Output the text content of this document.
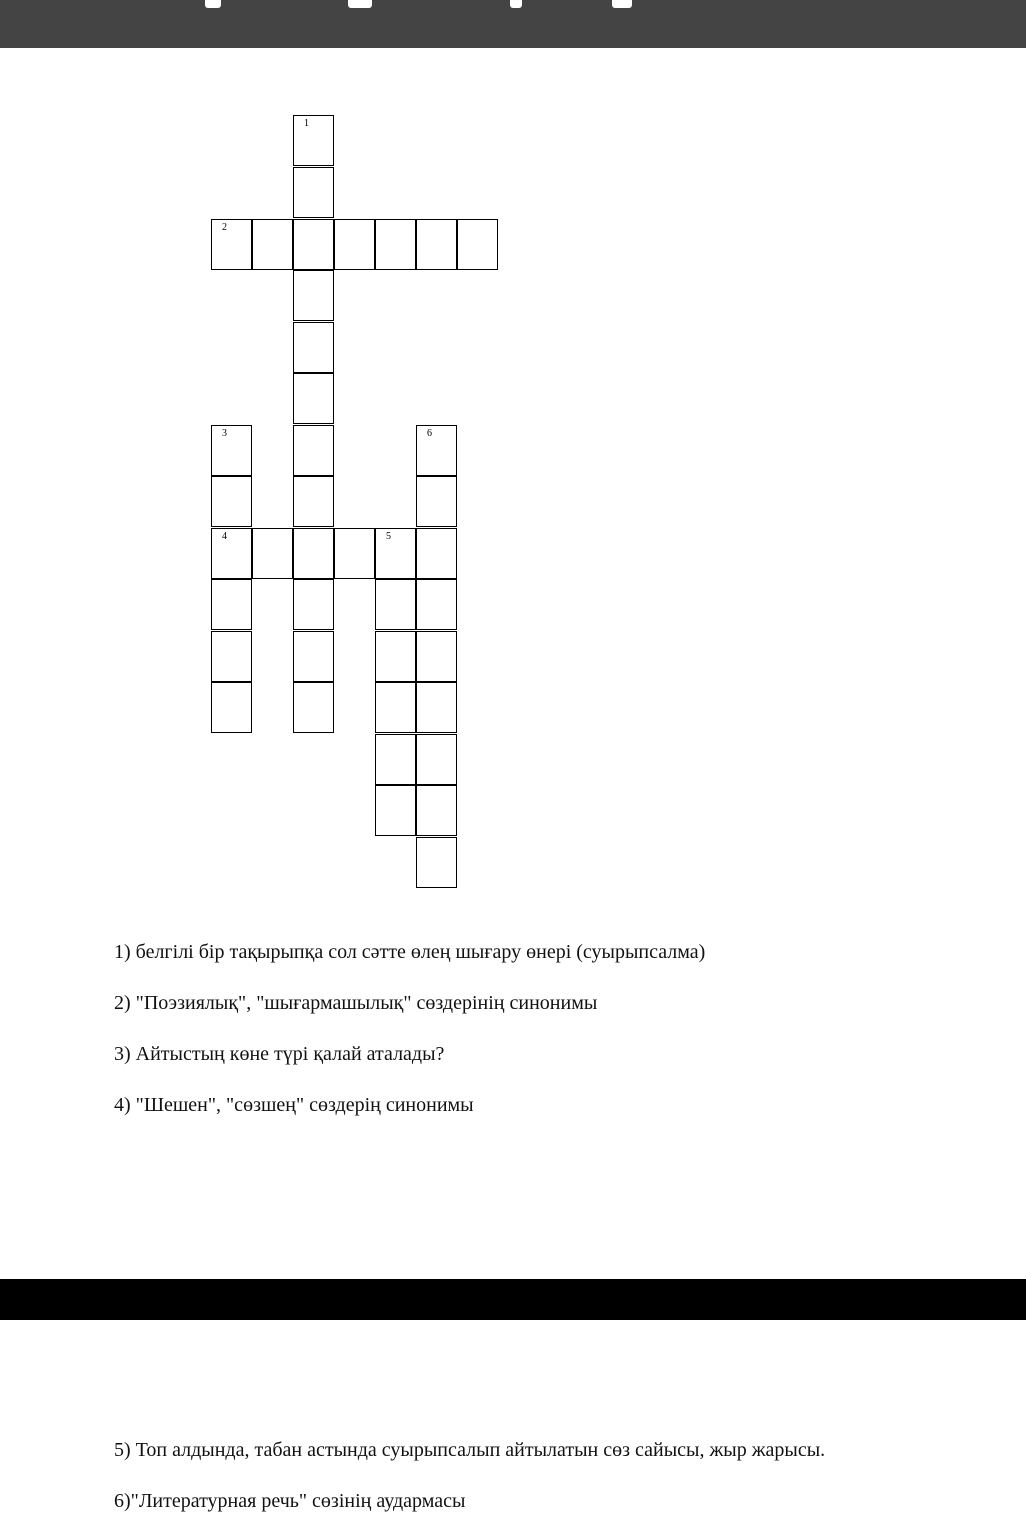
1
2
3
4	5
6
1) белгілі бір тақырыпқа сол сәтте өлең шығару өнері (суырыпсалма)
2) "Поэзиялық", "шығармашылық" сөздерінің синонимы
3) Айтыстың көне түрі қалай аталады?
4) "Шешен", "сөзшең" сөздерің синонимы
5) Топ алдында, табан астында суырыпсалып айтылатын сөз сайысы, жыр жарысы.
6)"Литературная речь" сөзінің аудармасы
